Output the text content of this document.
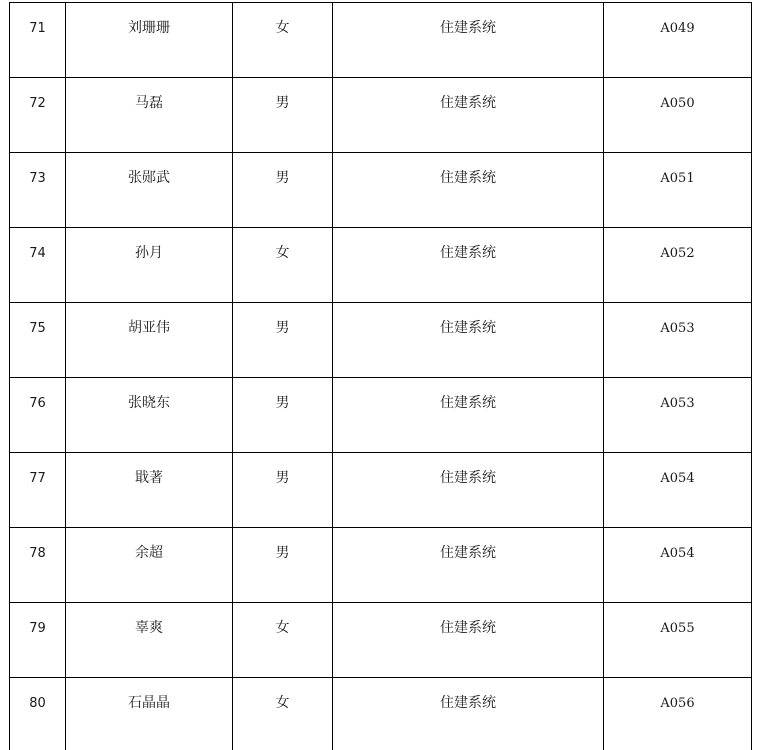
71	刘珊珊	女	住建系统	A049

72	马磊	男	住建系统	A050

73	张郧武	男	住建系统	A051

74	孙月	女	住建系统	A052

75	胡亚伟	男	住建系统	A053

76	张晓东	男	住建系统	A053

77	戢著	男	住建系统	A054

78	余超	男	住建系统	A054

79	辜爽	女	住建系统	A055

80	石晶晶	女	住建系统	A056
